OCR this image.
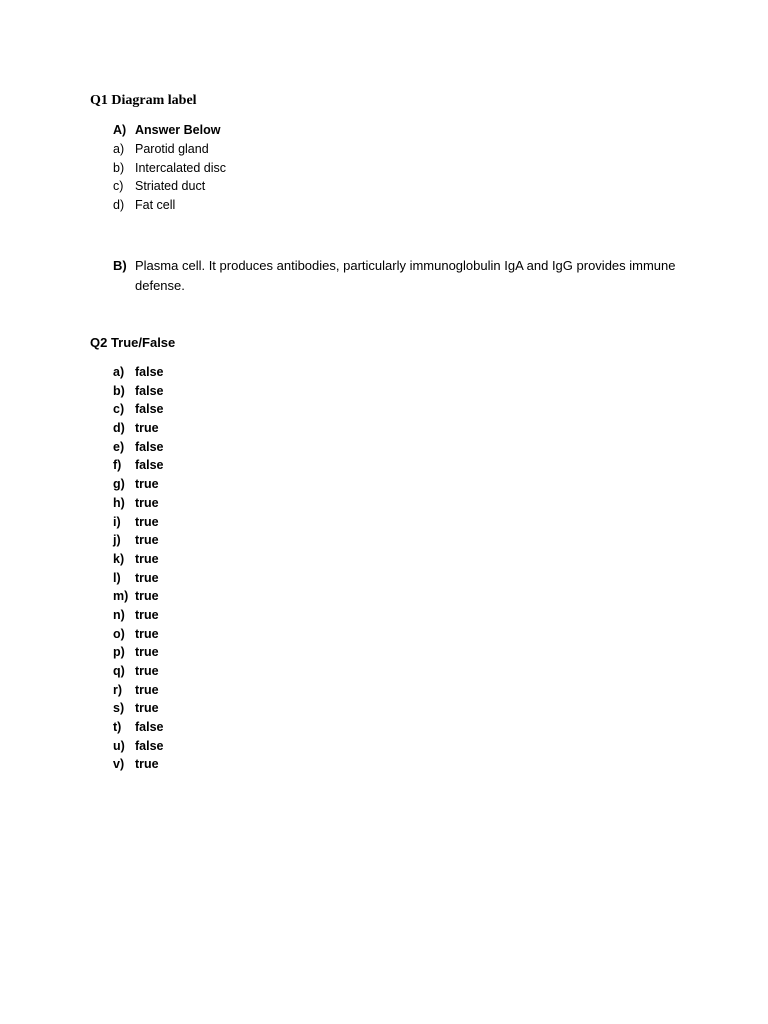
Q1 Diagram label
A) Answer Below
a) Parotid gland
b) Intercalated disc
c) Striated duct
d) Fat cell
B) Plasma cell. It produces antibodies, particularly immunoglobulin IgA and IgG provides immune defense.
Q2 True/False
a) false
b) false
c) false
d) true
e) false
f) false
g) true
h) true
i) true
j) true
k) true
l) true
m) true
n) true
o) true
p) true
q) true
r) true
s) true
t) false
u) false
v) true
